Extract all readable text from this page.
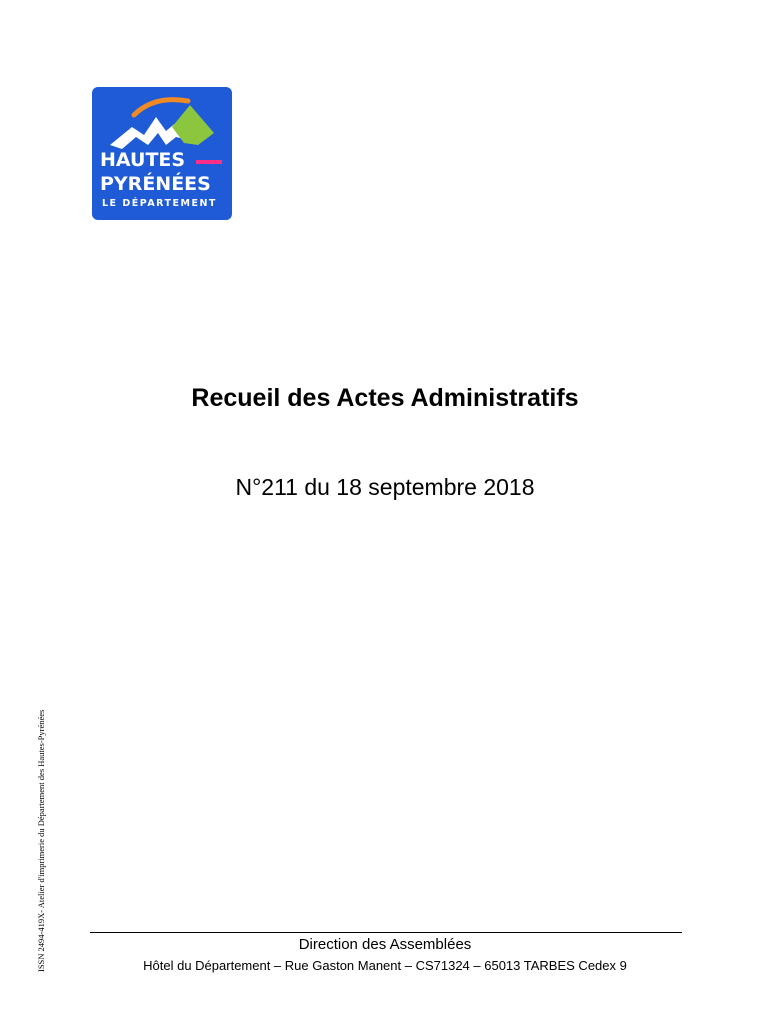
HAUTES
PYRÉNÉES
LE DÉPARTEMENT
Recueil des Actes Administratifs
N°211 du 18 septembre 2018
ISSN 2494-419X- Atelier d'imprimerie du Département des Hautes-Pyrénées	Direction des Assemblées
Hôtel du Département – Rue Gaston Manent – CS71324 – 65013 TARBES Cedex 9
